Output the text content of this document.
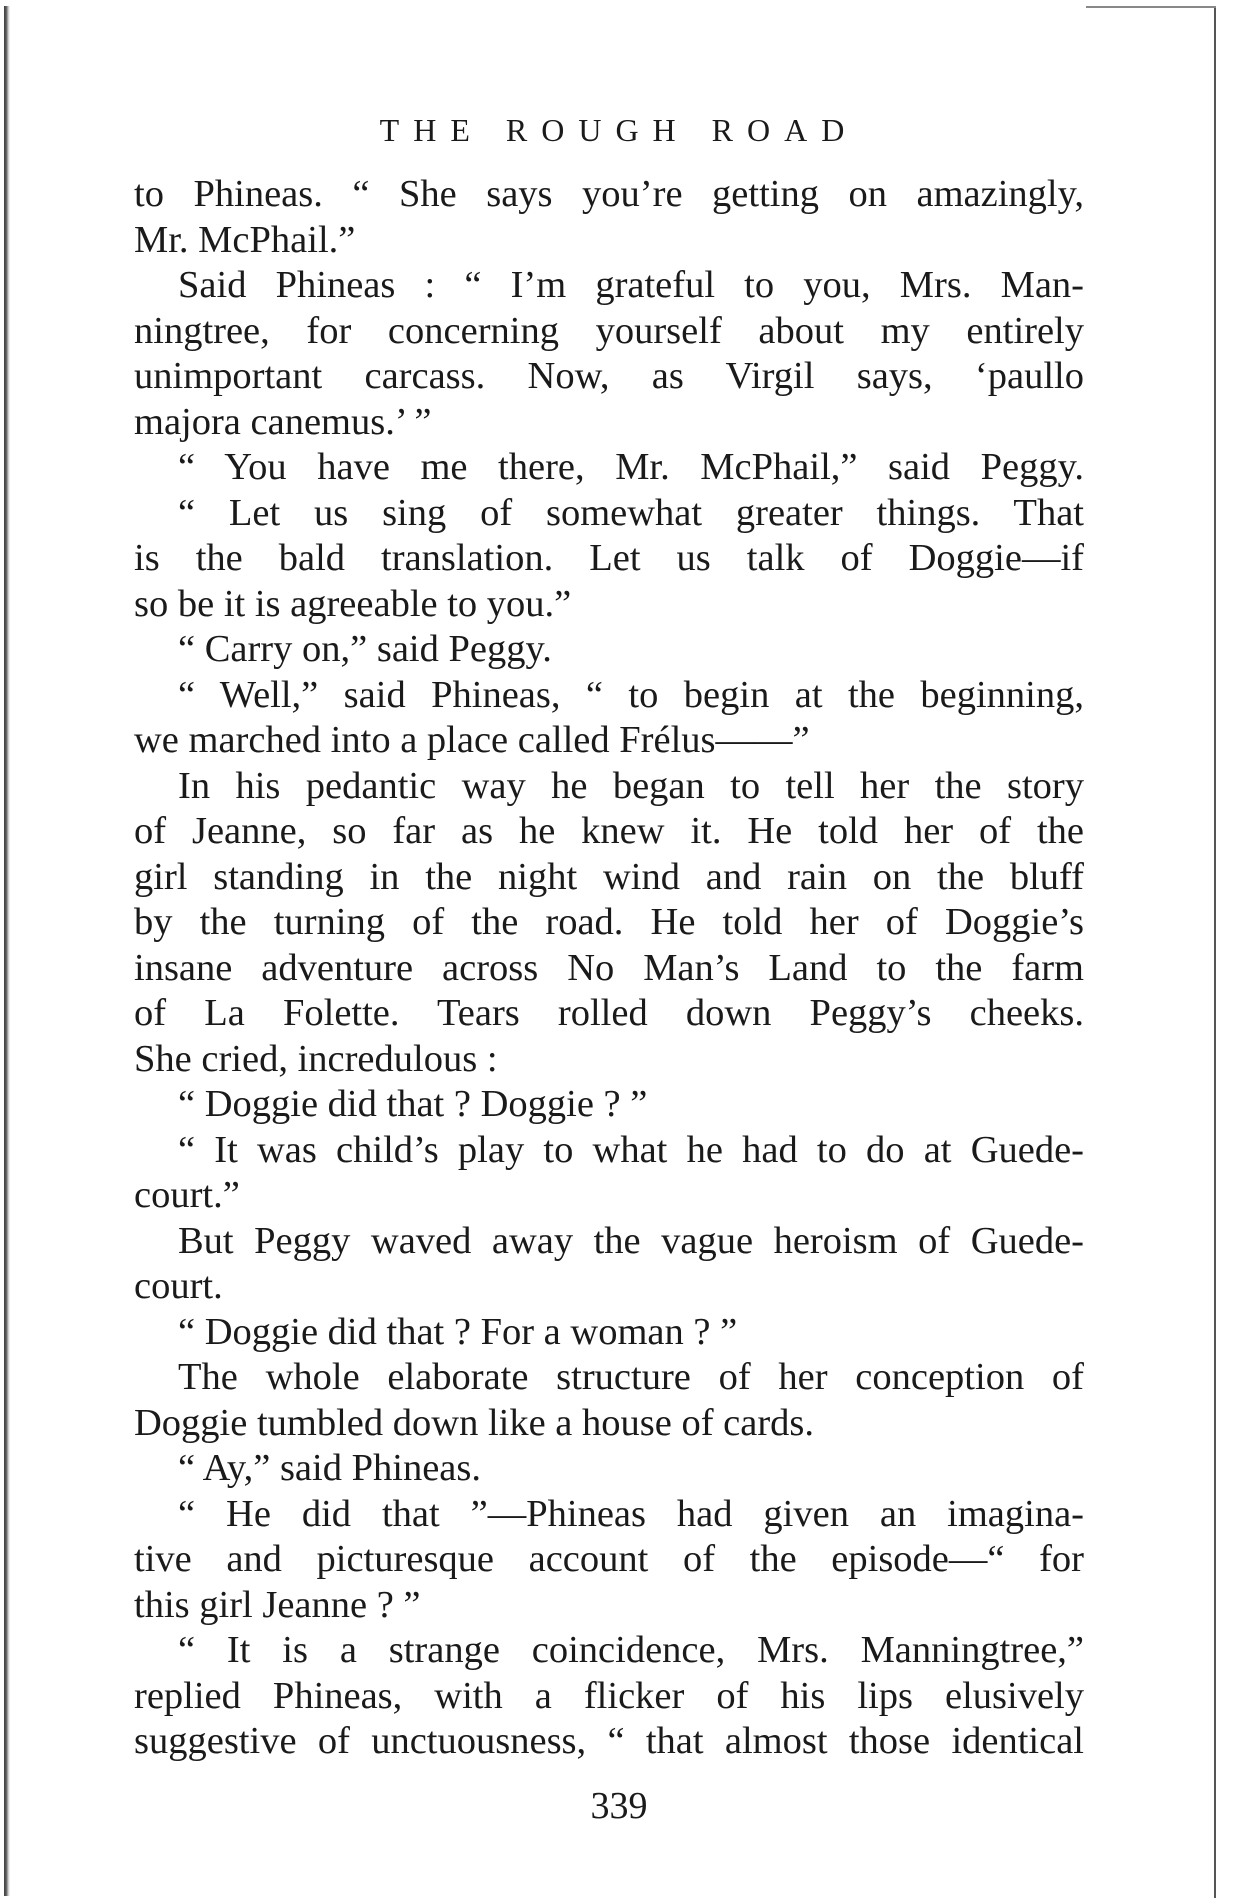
THE ROUGH ROAD
to Phineas. “ She says you’re getting on amazingly,
Mr. McPhail.”
Said Phineas : “ I’m grateful to you, Mrs. Man-
ningtree, for concerning yourself about my entirely
unimportant carcass. Now, as Virgil says, ‘paullo
majora canemus.’ ”
“ You have me there, Mr. McPhail,” said Peggy.
“ Let us sing of somewhat greater things. That
is the bald translation. Let us talk of Doggie—if
so be it is agreeable to you.”
“ Carry on,” said Peggy.
“ Well,” said Phineas, “ to begin at the beginning,
we marched into a place called Frélus——”
In his pedantic way he began to tell her the story
of Jeanne, so far as he knew it. He told her of the
girl standing in the night wind and rain on the bluff
by the turning of the road. He told her of Doggie’s
insane adventure across No Man’s Land to the farm
of La Folette. Tears rolled down Peggy’s cheeks.
She cried, incredulous :
“ Doggie did that ? Doggie ? ”
“ It was child’s play to what he had to do at Guede-
court.”
But Peggy waved away the vague heroism of Guede-
court.
“ Doggie did that ? For a woman ? ”
The whole elaborate structure of her conception of
Doggie tumbled down like a house of cards.
“ Ay,” said Phineas.
“ He did that ”—Phineas had given an imagina-
tive and picturesque account of the episode—“ for
this girl Jeanne ? ”
“ It is a strange coincidence, Mrs. Manningtree,”
replied Phineas, with a flicker of his lips elusively
suggestive of unctuousness, “ that almost those identical
339
